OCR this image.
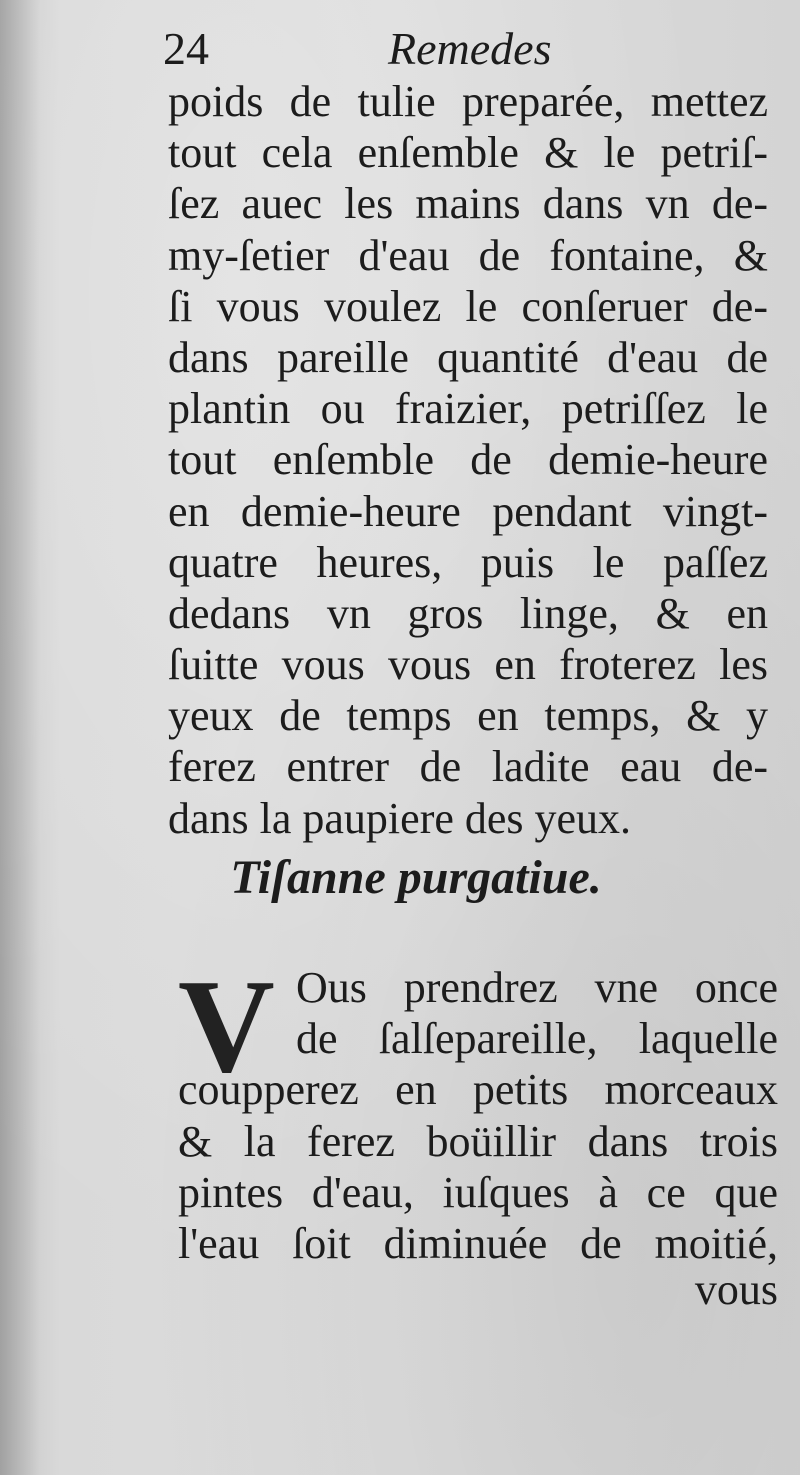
24	Remedes
poids de tulie preparée, mettez
tout cela enſemble & le petriſ-
ſez auec les mains dans vn de-
my-ſetier d'eau de fontaine, &
ſi vous voulez le conſeruer de-
dans pareille quantité d'eau de
plantin ou fraizier, petriſſez le
tout enſemble de demie-heure
en demie-heure pendant vingt-
quatre heures, puis le paſſez
dedans vn gros linge, & en
ſuitte vous vous en froterez les
yeux de temps en temps, & y
ferez entrer de ladite eau de-
dans la paupiere des yeux.
Tiſanne purgatiue.
V Ous prendrez vne once
de ſalſepareille, laquelle
coupperez en petits morceaux
& la ferez boüillir dans trois
pintes d'eau, iuſques à ce que
l'eau ſoit diminuée de moitié,
vous
